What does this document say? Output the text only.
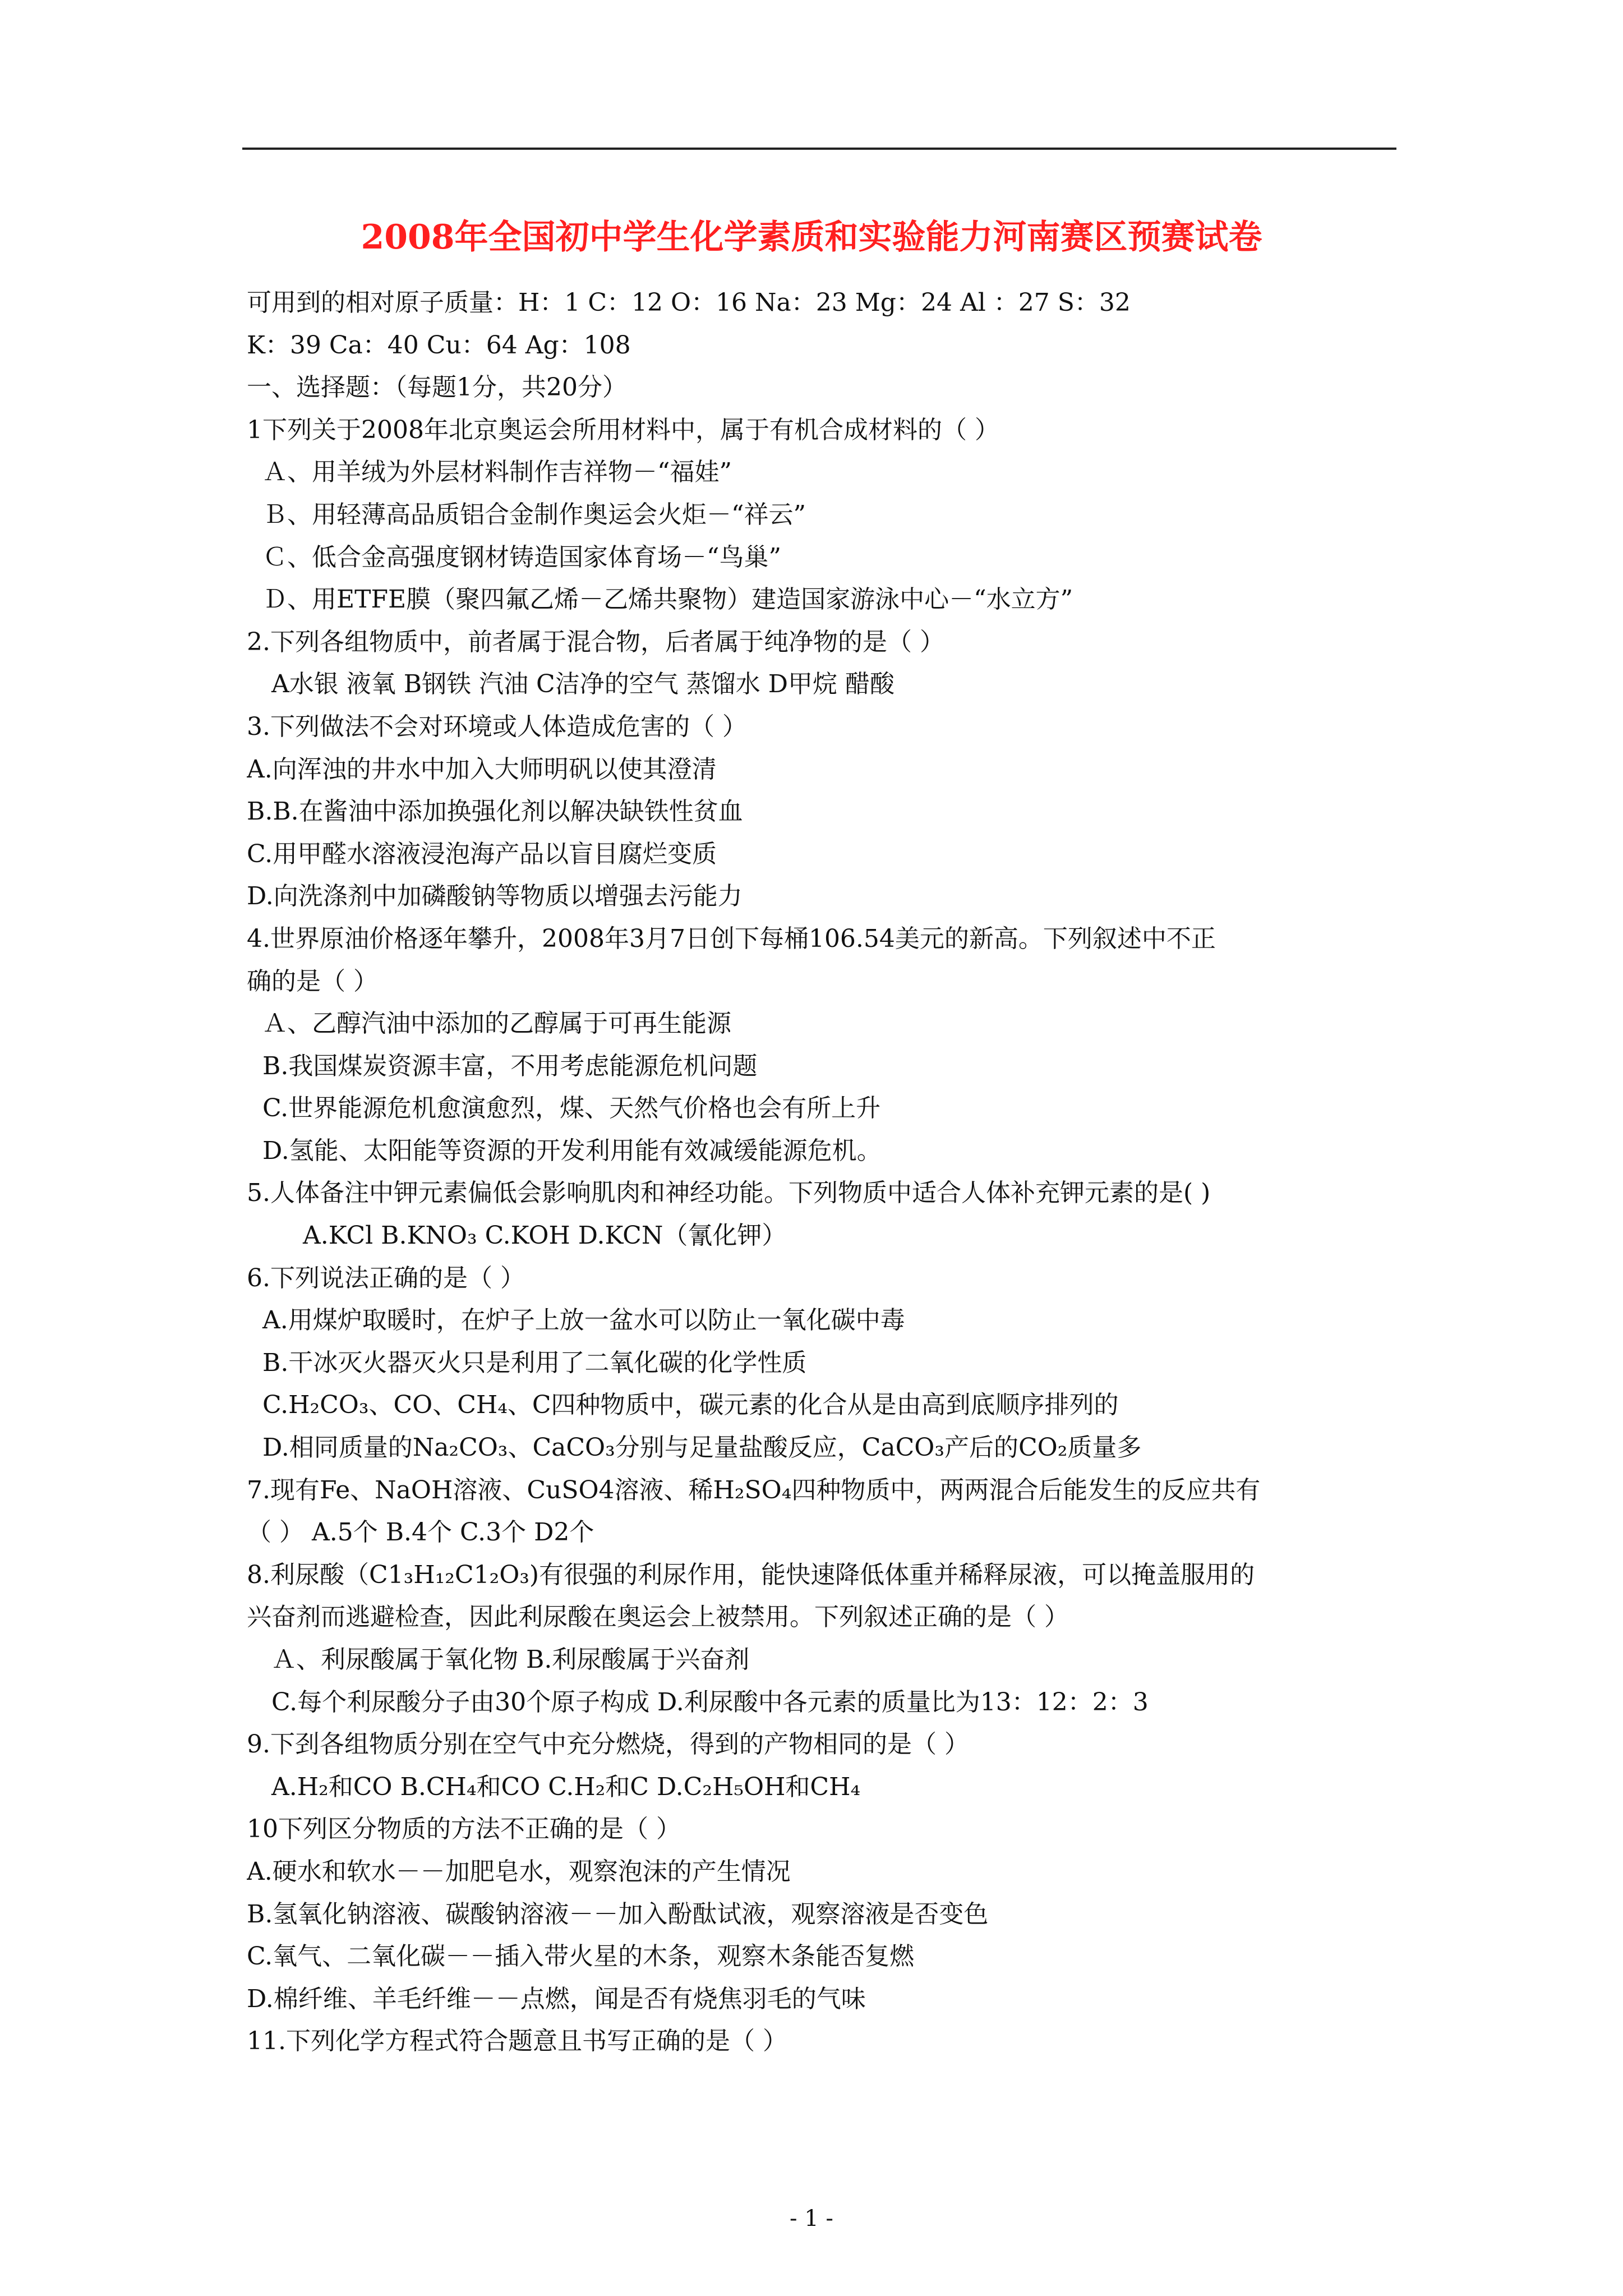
2008年全国初中学生化学素质和实验能力河南赛区预赛试卷
可用到的相对原子质量：H：1 C：12 O：16 Na：23 Mg：24 Al ：27 S：32
K：39 Ca：40 Cu：64 Ag：108
一、选择题：（每题1分，共20分）
1下列关于2008年北京奥运会所用材料中，属于有机合成材料的（ ）
Ａ、用羊绒为外层材料制作吉祥物－“福娃”
Ｂ、用轻薄高品质铝合金制作奥运会火炬－“祥云”
Ｃ、低合金高强度钢材铸造国家体育场－“鸟巢”
Ｄ、用ETFE膜（聚四氟乙烯－乙烯共聚物）建造国家游泳中心－“水立方”
2.下列各组物质中，前者属于混合物，后者属于纯净物的是（ ）
A水银 液氧 B钢铁 汽油 C洁净的空气 蒸馏水 D甲烷 醋酸
3.下列做法不会对环境或人体造成危害的（ ）
A.向浑浊的井水中加入大师明矾以使其澄清
B.B.在酱油中添加换强化剂以解决缺铁性贫血
C.用甲醛水溶液浸泡海产品以盲目腐烂变质
D.向洗涤剂中加磷酸钠等物质以增强去污能力
4.世界原油价格逐年攀升，2008年3月7日创下每桶106.54美元的新高。下列叙述中不正
确的是（ ）
Ａ、乙醇汽油中添加的乙醇属于可再生能源
B.我国煤炭资源丰富，不用考虑能源危机问题
C.世界能源危机愈演愈烈，煤、天然气价格也会有所上升
D.氢能、太阳能等资源的开发利用能有效减缓能源危机。
5.人体备注中钾元素偏低会影响肌肉和神经功能。下列物质中适合人体补充钾元素的是( )
A.KCl B.KNO₃ C.KOH D.KCN（氰化钾）
6.下列说法正确的是（ ）
A.用煤炉取暖时，在炉子上放一盆水可以防止一氧化碳中毒
B.干冰灭火器灭火只是利用了二氧化碳的化学性质
C.H₂CO₃、CO、CH₄、C四种物质中，碳元素的化合从是由高到底顺序排列的
D.相同质量的Na₂CO₃、CaCO₃分别与足量盐酸反应，CaCO₃产后的CO₂质量多
7.现有Fe、NaOH溶液、CuSO4溶液、稀H₂SO₄四种物质中，两两混合后能发生的反应共有
（ ） A.5个 B.4个 C.3个 D2个
8.利尿酸（C1₃H₁₂C1₂O₃)有很强的利尿作用，能快速降低体重并稀释尿液，可以掩盖服用的
兴奋剂而逃避检查，因此利尿酸在奥运会上被禁用。下列叙述正确的是（ ）
Ａ、利尿酸属于氧化物 B.利尿酸属于兴奋剂
C.每个利尿酸分子由30个原子构成 D.利尿酸中各元素的质量比为13：12：2：3
9.下刭各组物质分别在空气中充分燃烧，得到的产物相同的是（ ）
A.H₂和CO B.CH₄和CO C.H₂和C D.C₂H₅OH和CH₄
10下列区分物质的方法不正确的是（ ）
A.硬水和软水－－加肥皂水，观察泡沫的产生情况
B.氢氧化钠溶液、碳酸钠溶液－－加入酚酞试液，观察溶液是否变色
C.氧气、二氧化碳－－插入带火星的木条，观察木条能否复燃
D.棉纤维、羊毛纤维－－点燃，闻是否有烧焦羽毛的气味
11.下列化学方程式符合题意且书写正确的是（ ）
- 1 -
